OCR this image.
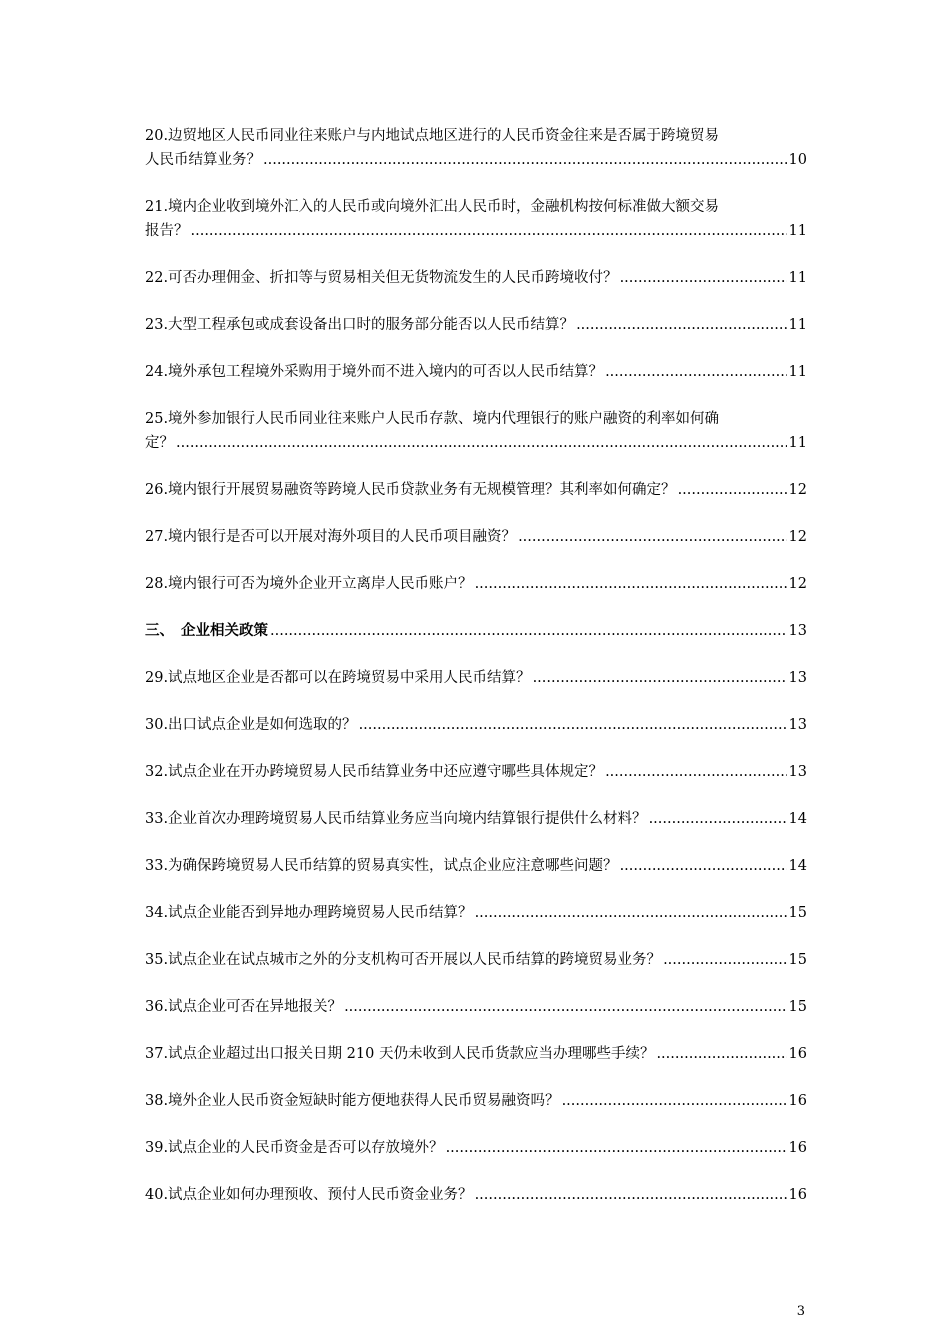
20.边贸地区人民币同业往来账户与内地试点地区进行的人民币资金往来是否属于跨境贸易
人民币结算业务？ .....	10
21.境内企业收到境外汇入的人民币或向境外汇出人民币时，金融机构按何标准做大额交易
报告？ .....	11
22.可否办理佣金、折扣等与贸易相关但无货物流发生的人民币跨境收付？ .....	11
23.大型工程承包或成套设备出口时的服务部分能否以人民币结算？ .....	11
24.境外承包工程境外采购用于境外而不进入境内的可否以人民币结算？ .....	11
25.境外参加银行人民币同业往来账户人民币存款、境内代理银行的账户融资的利率如何确
定？ .....	11
26.境内银行开展贸易融资等跨境人民币贷款业务有无规模管理？其利率如何确定？ .....	12
27.境内银行是否可以开展对海外项目的人民币项目融资？ .....	12
28.境内银行可否为境外企业开立离岸人民币账户？ .....	12
三、 企业相关政策 .....	13
29.试点地区企业是否都可以在跨境贸易中采用人民币结算？ .....	13
30.出口试点企业是如何选取的？ .....	13
32.试点企业在开办跨境贸易人民币结算业务中还应遵守哪些具体规定？ .....	13
33.企业首次办理跨境贸易人民币结算业务应当向境内结算银行提供什么材料？ .....	14
33.为确保跨境贸易人民币结算的贸易真实性，试点企业应注意哪些问题？ .....	14
34.试点企业能否到异地办理跨境贸易人民币结算？ .....	15
35.试点企业在试点城市之外的分支机构可否开展以人民币结算的跨境贸易业务？ .....	15
36.试点企业可否在异地报关？ .....	15
37.试点企业超过出口报关日期 210 天仍未收到人民币货款应当办理哪些手续？ .....	16
38.境外企业人民币资金短缺时能方便地获得人民币贸易融资吗？ .....	16
39.试点企业的人民币资金是否可以存放境外？ .....	16
40.试点企业如何办理预收、预付人民币资金业务？ .....	16
3
